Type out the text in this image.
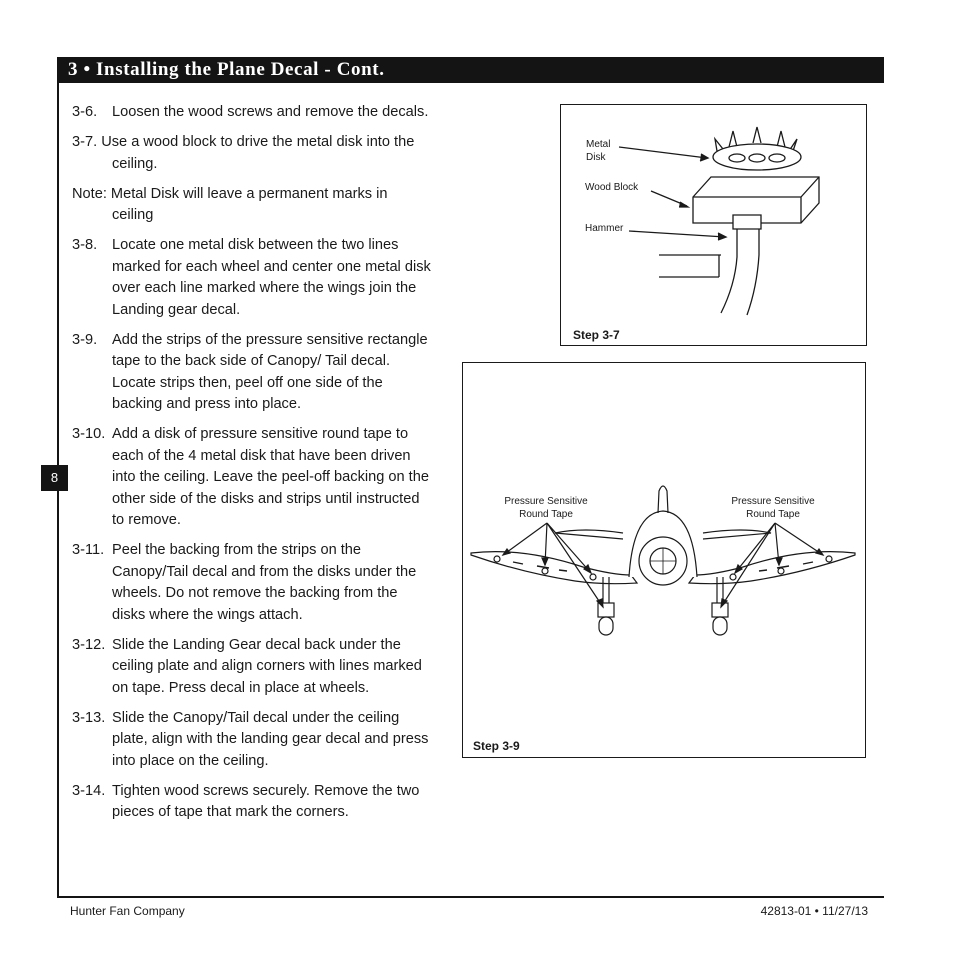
3 • Installing the Plane Decal - Cont.
8
3-6. Loosen the wood screws and remove the decals.
3-7. Use a wood block to drive the metal disk into the ceiling.
Note: Metal Disk will leave a permanent marks in ceiling
3-8. Locate one metal disk between the two lines marked for each wheel and center one metal disk over each line marked where the wings join the Landing gear decal.
3-9. Add the strips of the pressure sensitive rectangle tape to the back side of Canopy/ Tail decal. Locate strips then, peel off one side of the backing and press into place.
3-10. Add a disk of pressure sensitive round tape to each of the 4 metal disk that have been driven into the ceiling. Leave the peel-off backing on the other side of the disks and strips until instructed to remove.
3-11. Peel the backing from the strips on the Canopy/Tail decal and from the disks under the wheels. Do not remove the backing from the disks where the wings attach.
3-12. Slide the Landing Gear decal back under the ceiling plate and align corners with lines marked on tape. Press decal in place at wheels.
3-13. Slide the Canopy/Tail decal under the ceiling plate, align with the landing gear decal and press into place on the ceiling.
3-14. Tighten wood screws securely. Remove the two pieces of tape that mark the corners.
Metal
Disk
Wood Block
Hammer
Step 3-7
Pressure Sensitive
Round Tape
Pressure Sensitive
Round Tape
Step 3-9
Hunter Fan Company	42813-01 • 11/27/13
